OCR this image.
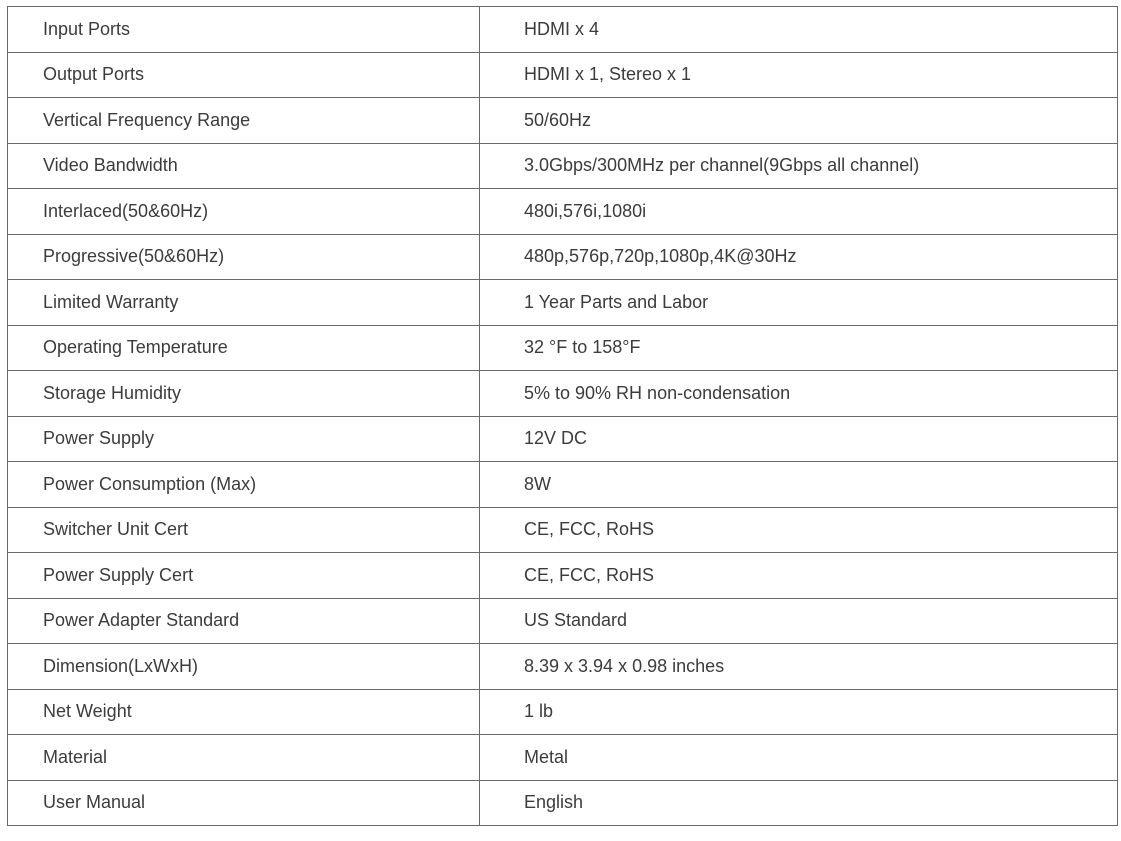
Input Ports	HDMI x 4
Output Ports	HDMI x 1, Stereo x 1
Vertical Frequency Range	50/60Hz
Video Bandwidth	3.0Gbps/300MHz per channel(9Gbps all channel)
Interlaced(50&60Hz)	480i,576i,1080i
Progressive(50&60Hz)	480p,576p,720p,1080p,4K@30Hz
Limited Warranty	1 Year Parts and Labor
Operating Temperature	32 °F to 158°F
Storage Humidity	5% to 90% RH non-condensation
Power Supply	12V DC
Power Consumption (Max)	8W
Switcher Unit Cert	CE, FCC, RoHS
Power Supply Cert	CE, FCC, RoHS
Power Adapter Standard	US Standard
Dimension(LxWxH)	8.39 x 3.94 x 0.98 inches
Net Weight	1 lb
Material	Metal
User Manual	English
